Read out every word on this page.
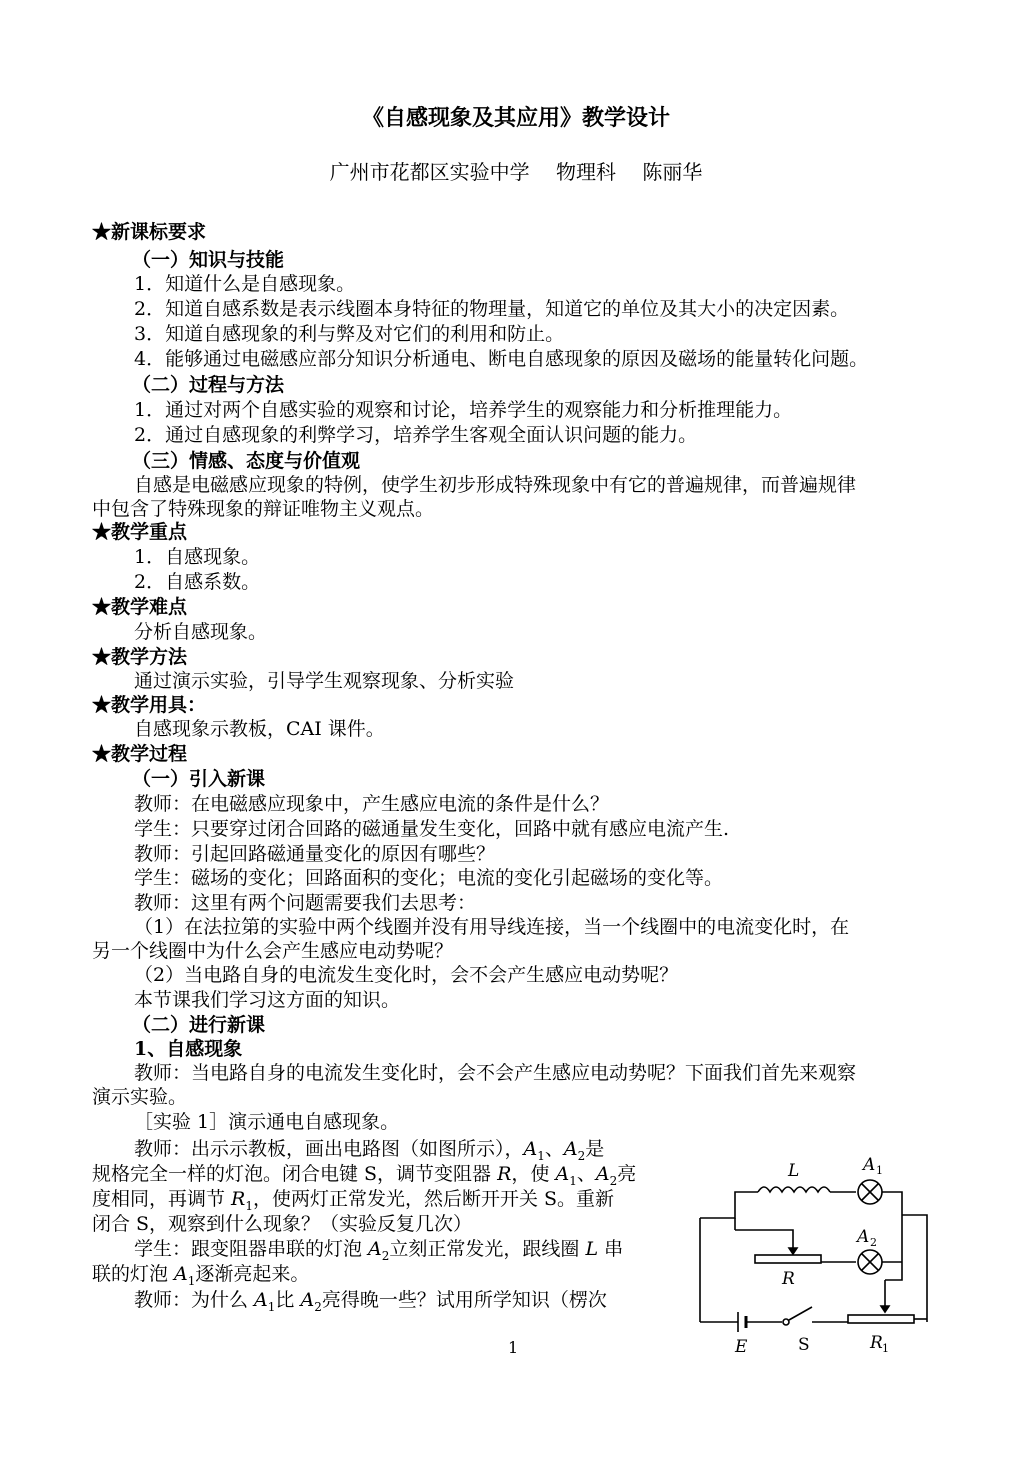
《自感现象及其应用》教学设计
广州市花都区实验中学　 物理科　 陈丽华
★新课标要求
（一）知识与技能
1．知道什么是自感现象。
2．知道自感系数是表示线圈本身特征的物理量，知道它的单位及其大小的决定因素。
3．知道自感现象的利与弊及对它们的利用和防止。
4．能够通过电磁感应部分知识分析通电、断电自感现象的原因及磁场的能量转化问题。
（二）过程与方法
1．通过对两个自感实验的观察和讨论，培养学生的观察能力和分析推理能力。
2．通过自感现象的利弊学习，培养学生客观全面认识问题的能力。
（三）情感、态度与价值观
自感是电磁感应现象的特例，使学生初步形成特殊现象中有它的普遍规律，而普遍规律
中包含了特殊现象的辩证唯物主义观点。
★教学重点
1．自感现象。
2．自感系数。
★教学难点
分析自感现象。
★教学方法
通过演示实验，引导学生观察现象、分析实验
★教学用具：
自感现象示教板，CAI 课件。
★教学过程
（一）引入新课
教师：在电磁感应现象中，产生感应电流的条件是什么？
学生：只要穿过闭合回路的磁通量发生变化，回路中就有感应电流产生.
教师：引起回路磁通量变化的原因有哪些？
学生：磁场的变化；回路面积的变化；电流的变化引起磁场的变化等。
教师：这里有两个问题需要我们去思考：
（1）在法拉第的实验中两个线圈并没有用导线连接，当一个线圈中的电流变化时，在
另一个线圈中为什么会产生感应电动势呢？
（2）当电路自身的电流发生变化时，会不会产生感应电动势呢？
本节课我们学习这方面的知识。
（二）进行新课
1、自感现象
教师：当电路自身的电流发生变化时，会不会产生感应电动势呢？下面我们首先来观察
演示实验。
［实验 1］演示通电自感现象。
教师：出示示教板，画出电路图（如图所示），$A_1$、$A_2$是
规格完全一样的灯泡。闭合电键 S，调节变阻器 R，使 $A_1$、$A_2$亮
度相同，再调节 $R_1$，使两灯正常发光，然后断开开关 S。重新
闭合 S，观察到什么现象？（实验反复几次）
学生：跟变阻器串联的灯泡 $A_2$立刻正常发光，跟线圈 L 串
联的灯泡 $A_1$逐渐亮起来。
教师：为什么 $A_1$比 $A_2$亮得晚一些？试用所学知识（楞次
1
L	A 1
A 2
R
E	S	R 1
